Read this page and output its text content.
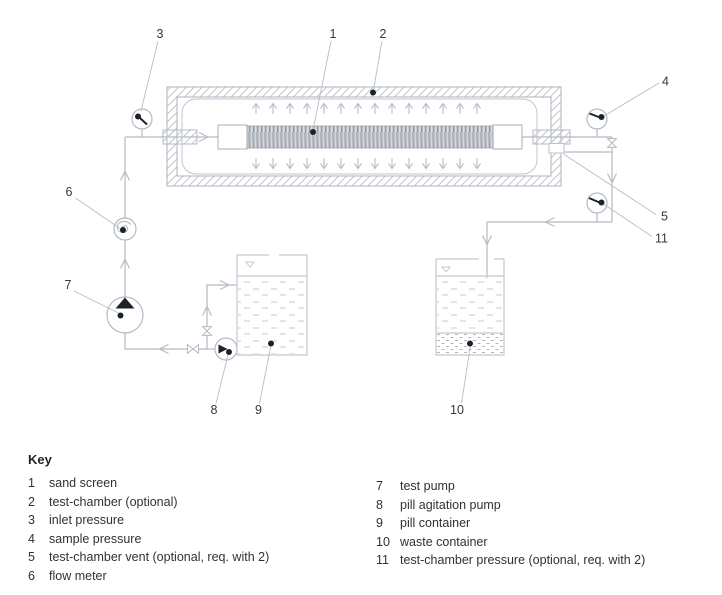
1	2
3
4
5
11
6
7
8	9	10
Key
1	sand screen
2	test-chamber (optional)
3	inlet pressure
4	sample pressure
5	test-chamber vent (optional, req. with 2)
6	flow meter
7	test pump
8	pill agitation pump
9	pill container
10 waste container
11 test-chamber pressure (optional, req. with 2)
